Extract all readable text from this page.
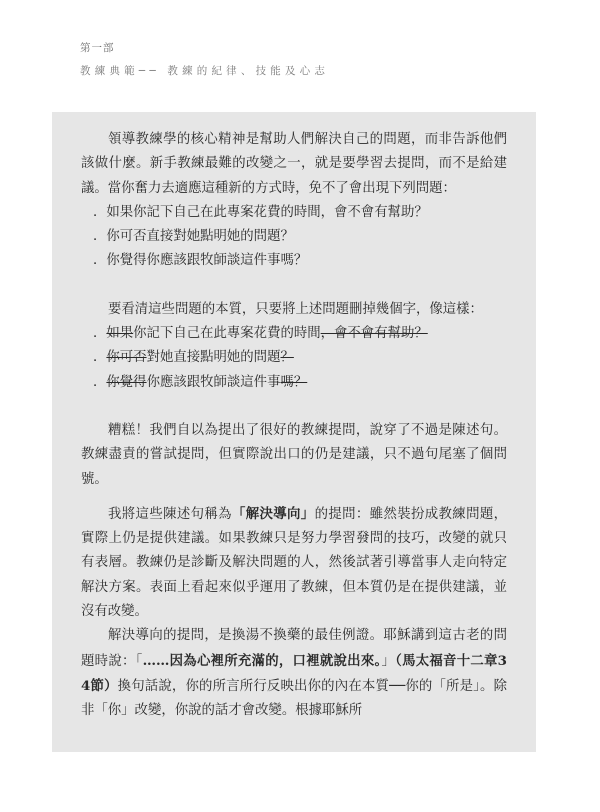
第一部
教練典範── 教練的紀律、技能及心志

領導教練學的核心精神是幫助人們解決自己的問題，而非告訴他們該做什麼。新手教練最難的改變之一，就是要學習去提問，而不是給建議。當你奮力去適應這種新的方式時，免不了會出現下列問題：

．如果你記下自己在此專案花費的時間，會不會有幫助？

．你可否直接對她點明她的問題？

．你覺得你應該跟牧師談這件事嗎？

要看清這些問題的本質，只要將上述問題刪掉幾個字，像這樣：

．如果你記下自己在此專案花費的時間，會不會有幫助？

．你可否對她直接點明她的問題？

．你覺得你應該跟牧師談這件事嗎？

糟糕！我們自以為提出了很好的教練提問，說穿了不過是陳述句。教練盡責的嘗試提問，但實際說出口的仍是建議，只不過句尾塞了個問號。

我將這些陳述句稱為「解決導向」的提問：雖然裝扮成教練問題，實際上仍是提供建議。如果教練只是努力學習發問的技巧，改變的就只有表層。教練仍是診斷及解決問題的人，然後試著引導當事人走向特定解決方案。表面上看起來似乎運用了教練，但本質仍是在提供建議，並沒有改變。

解決導向的提問，是換湯不換藥的最佳例證。耶穌講到這古老的問題時說：「……因為心裡所充滿的，口裡就說出來。」（馬太福音十二章34節）換句話說，你的所言所行反映出你的內在本質──你的「所是」。除非「你」改變，你說的話才會改變。根據耶穌所
